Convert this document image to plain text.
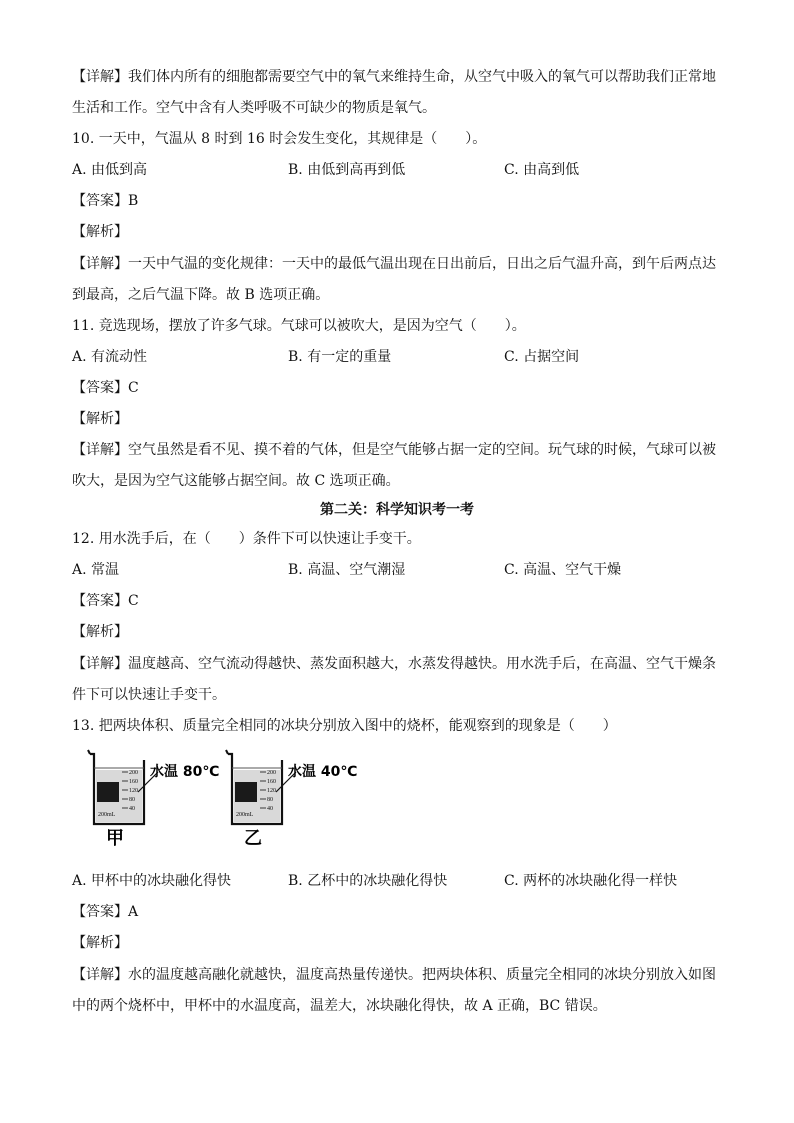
【详解】我们体内所有的细胞都需要空气中的氧气来维持生命，从空气中吸入的氧气可以帮助我们正常地
生活和工作。空气中含有人类呼吸不可缺少的物质是氧气。
10. 一天中，气温从 8 时到 16 时会发生变化，其规律是（　　）。
A. 由低到高	B. 由低到高再到低	C. 由高到低
【答案】B
【解析】
【详解】一天中气温的变化规律：一天中的最低气温出现在日出前后，日出之后气温升高，到午后两点达
到最高，之后气温下降。故 B 选项正确。
11. 竞选现场，摆放了许多气球。气球可以被吹大，是因为空气（　　）。
A. 有流动性	B. 有一定的重量	C. 占据空间
【答案】C
【解析】
【详解】空气虽然是看不见、摸不着的气体，但是空气能够占据一定的空间。玩气球的时候，气球可以被
吹大，是因为空气这能够占据空间。故 C 选项正确。
第二关：科学知识考一考
12. 用水洗手后，在（　　）条件下可以快速让手变干。
A. 常温	B. 高温、空气潮湿	C. 高温、空气干燥
【答案】C
【解析】
【详解】温度越高、空气流动得越快、蒸发面积越大，水蒸发得越快。用水洗手后，在高温、空气干燥条
件下可以快速让手变干。
13. 把两块体积、质量完全相同的冰块分别放入图中的烧杯，能观察到的现象是（　　）
200
160
120
80
40
200mL
水温 80℃
甲
200
160
120
80
40
200mL
水温 40℃
乙
A. 甲杯中的冰块融化得快	B. 乙杯中的冰块融化得快	C. 两杯的冰块融化得一样快
【答案】A
【解析】
【详解】水的温度越高融化就越快，温度高热量传递快。把两块体积、质量完全相同的冰块分别放入如图
中的两个烧杯中，甲杯中的水温度高，温差大，冰块融化得快，故 A 正确，BC 错误。
